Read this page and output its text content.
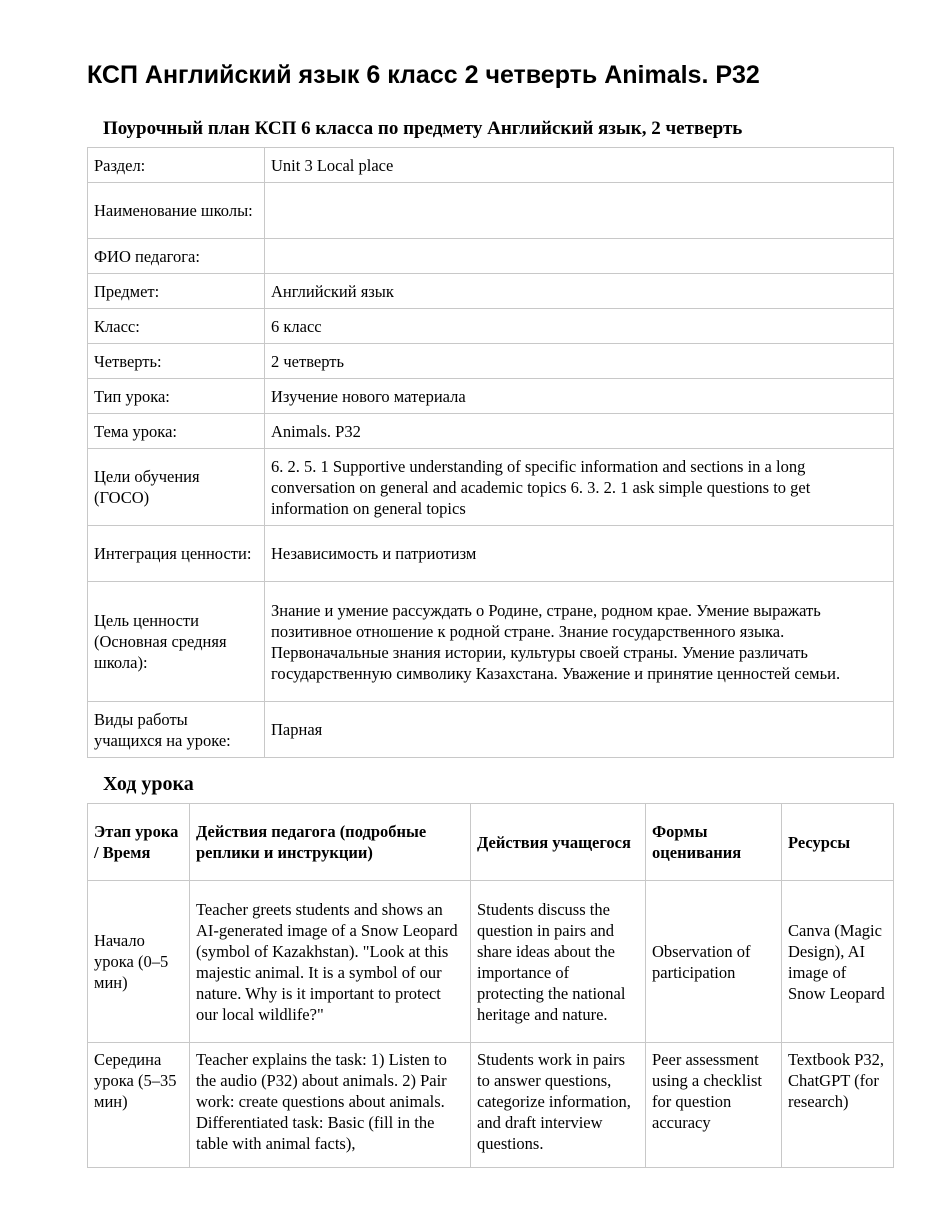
КСП Английский язык 6 класс 2 четверть Animals. P32
Поурочный план КСП 6 класса по предмету Английский язык, 2 четверть
Раздел:	Unit 3 Local place
Наименование школы:	
ФИО педагога:	
Предмет:	Английский язык
Класс:	6 класс
Четверть:	2 четверть
Тип урока:	Изучение нового материала
Тема урока:	Animals. P32
Цели обучения (ГОСО)	6. 2. 5. 1 Supportive understanding of specific information and sections in a long conversation on general and academic topics 6. 3. 2. 1 ask simple questions to get information on general topics
Интеграция ценности:	Независимость и патриотизм
Цель ценности (Основная средняя школа):	Знание и умение рассуждать о Родине, стране, родном крае. Умение выражать позитивное отношение к родной стране. Знание государственного языка. Первоначальные знания истории, культуры своей страны. Умение различать государственную символику Казахстана. Уважение и принятие ценностей семьи.
Виды работы учащихся на уроке:	Парная
Ход урока
Этап урока / Время	Действия педагога (подробные реплики и инструкции)	Действия учащегося	Формы оценивания	Ресурсы
Начало урока (0–5 мин)	Teacher greets students and shows an AI-generated image of a Snow Leopard (symbol of Kazakhstan). "Look at this majestic animal. It is a symbol of our nature. Why is it important to protect our local wildlife?"	Students discuss the question in pairs and share ideas about the importance of protecting the national heritage and nature.	Observation of participation	Canva (Magic Design), AI image of Snow Leopard
Середина урока (5–35 мин)	Teacher explains the task: 1) Listen to the audio (P32) about animals. 2) Pair work: create questions about animals. Differentiated task: Basic (fill in the table with animal facts),	Students work in pairs to answer questions, categorize information, and draft interview questions.	Peer assessment using a checklist for question accuracy	Textbook P32, ChatGPT (for research)
